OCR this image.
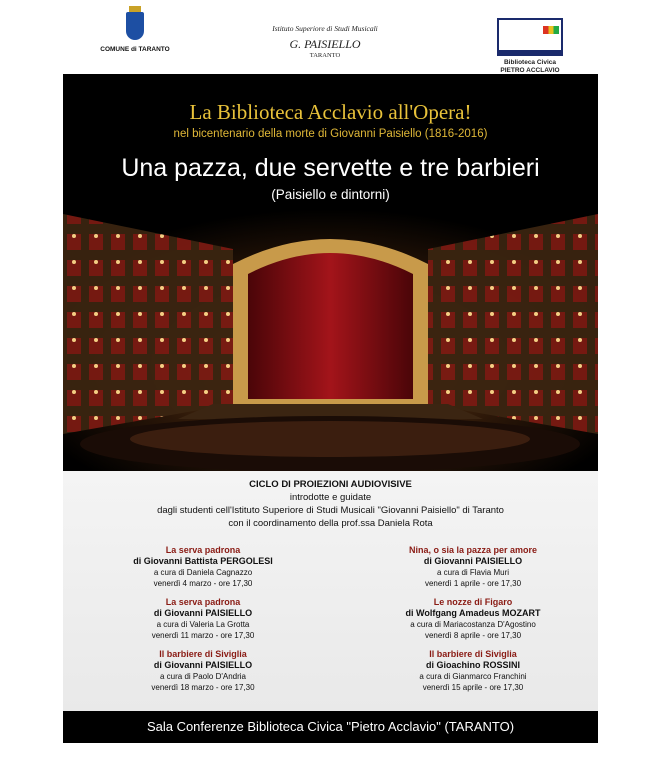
COMUNE di TARANTO
Istituto Superiore di Studi Musicali
G. PAISIELLO
TARANTO
Biblioteca Civica
PIETRO ACCLAVIO
La Biblioteca Acclavio all'Opera!
nel bicentenario della morte di Giovanni Paisiello (1816-2016)
Una pazza, due servette e tre barbieri
(Paisiello e dintorni)
CICLO DI PROIEZIONI AUDIOVISIVE
introdotte e guidate
dagli studenti cell'Istituto Superiore di Studi Musicali "Giovanni Paisiello" di Taranto
con il coordinamento della prof.ssa Daniela Rota
La serva padrona
di Giovanni Battista PERGOLESI
a cura di Daniela Cagnazzo
venerdì 4 marzo - ore 17,30
La serva padrona
di Giovanni PAISIELLO
a cura di Valeria La Grotta
venerdì 11 marzo - ore 17,30
Il barbiere di Siviglia
di Giovanni PAISIELLO
a cura di Paolo D'Andria
venerdì 18 marzo - ore 17,30
Nina, o sia la pazza per amore
di Giovanni PAISIELLO
a cura di Flavia Muri
venerdì 1 aprile - ore 17,30
Le nozze di Figaro
di Wolfgang Amadeus MOZART
a cura di Mariacostanza D'Agostino
venerdì 8 aprile - ore 17,30
Il barbiere di Siviglia
di Gioachino ROSSINI
a cura di Gianmarco Franchini
venerdì 15 aprile - ore 17,30
Sala Conferenze Biblioteca Civica "Pietro Acclavio" (TARANTO)
